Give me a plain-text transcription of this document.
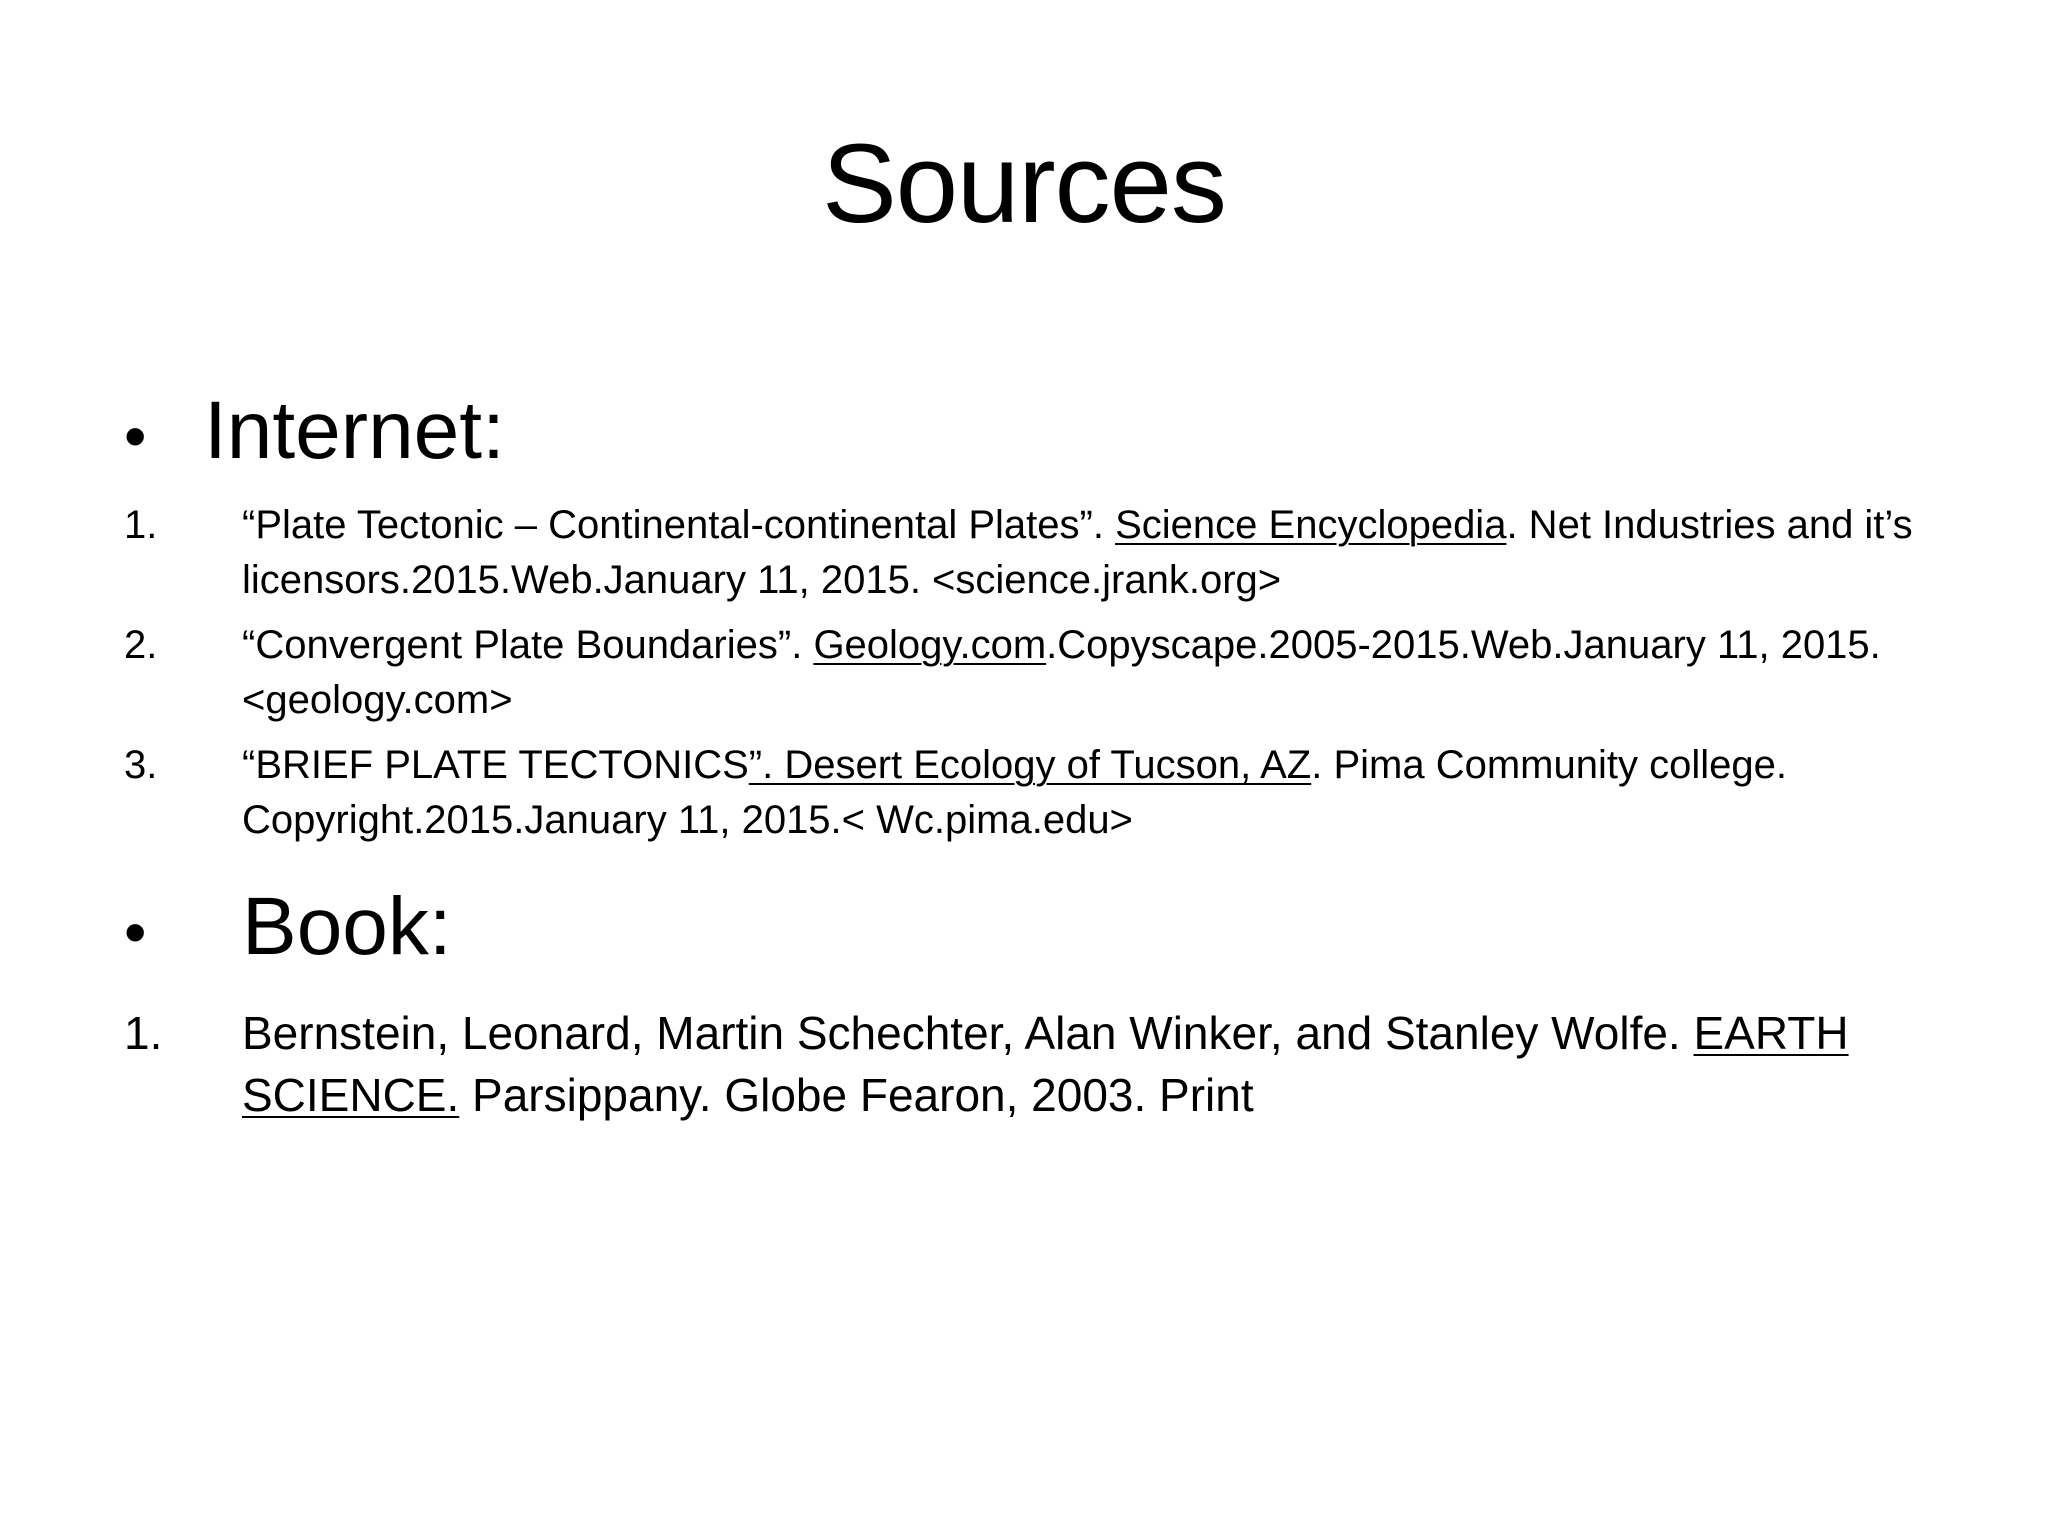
Sources
• Internet:
1.	“Plate Tectonic – Continental-continental Plates”. Science Encyclopedia. Net Industries and it’s licensors.2015.Web.January 11, 2015. <science.jrank.org>
2.	“Convergent Plate Boundaries”. Geology.com.Copyscape.2005-2015.Web.January 11, 2015. <geology.com>
3.	“BRIEF PLATE TECTONICS”. Desert Ecology of Tucson, AZ. Pima Community college. Copyright.2015.January 11, 2015.< Wc.pima.edu>
•	Book:
1.	Bernstein, Leonard, Martin Schechter, Alan Winker, and Stanley Wolfe. EARTH SCIENCE. Parsippany. Globe Fearon, 2003. Print
